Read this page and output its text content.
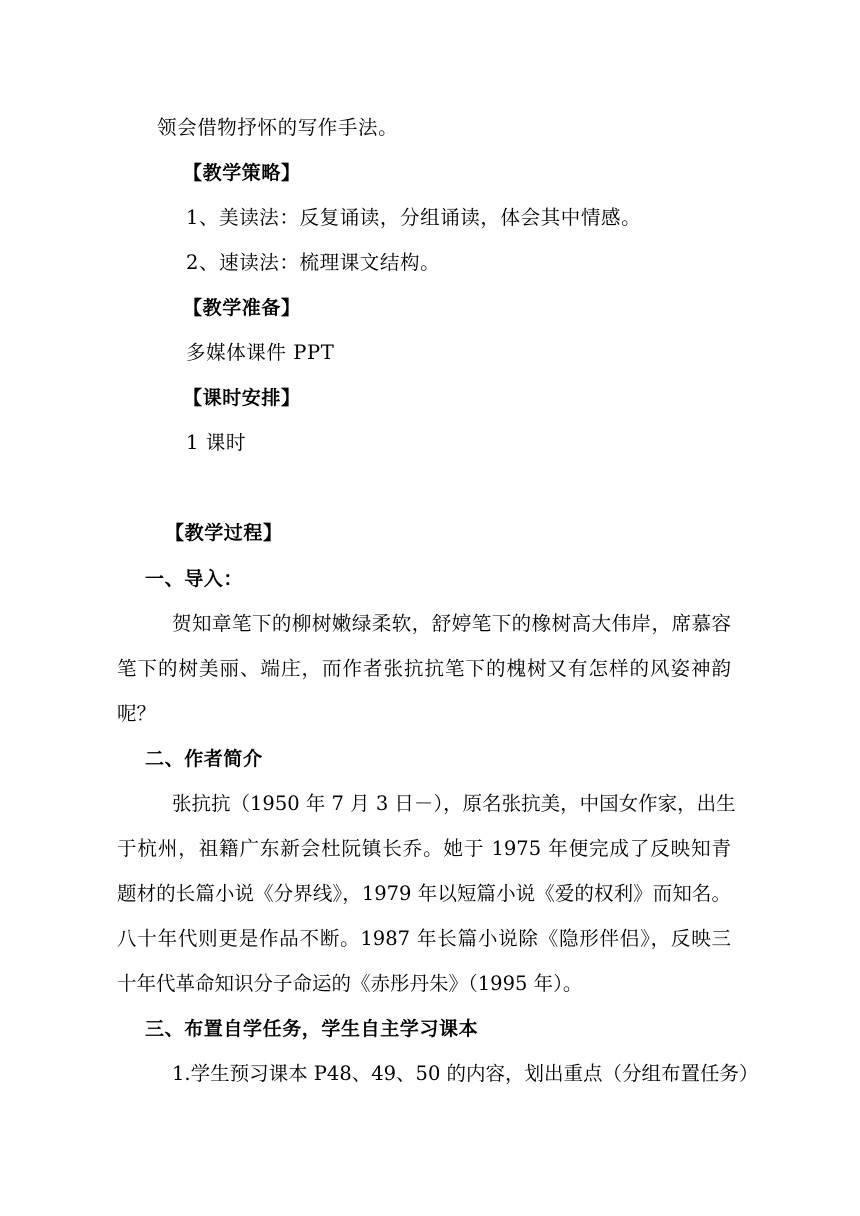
领会借物抒怀的写作手法。
【教学策略】
1、美读法：反复诵读，分组诵读，体会其中情感。
2、速读法：梳理课文结构。
【教学准备】
多媒体课件 PPT
【课时安排】
1 课时
【教学过程】
一、导入：
贺知章笔下的柳树嫩绿柔软，舒婷笔下的橡树高大伟岸，席慕容
笔下的树美丽、端庄，而作者张抗抗笔下的槐树又有怎样的风姿神韵
呢？
二、作者简介
张抗抗（1950 年 7 月 3 日－），原名张抗美，中国女作家，出生
于杭州，祖籍广东新会杜阮镇长乔。她于 1975 年便完成了反映知青
题材的长篇小说《分界线》，1979 年以短篇小说《爱的权利》而知名。
八十年代则更是作品不断。1987 年长篇小说除《隐形伴侣》，反映三
十年代革命知识分子命运的《赤彤丹朱》（1995 年）。
三、布置自学任务，学生自主学习课本
1.学生预习课本 P48、49、50 的内容，划出重点（分组布置任务）
